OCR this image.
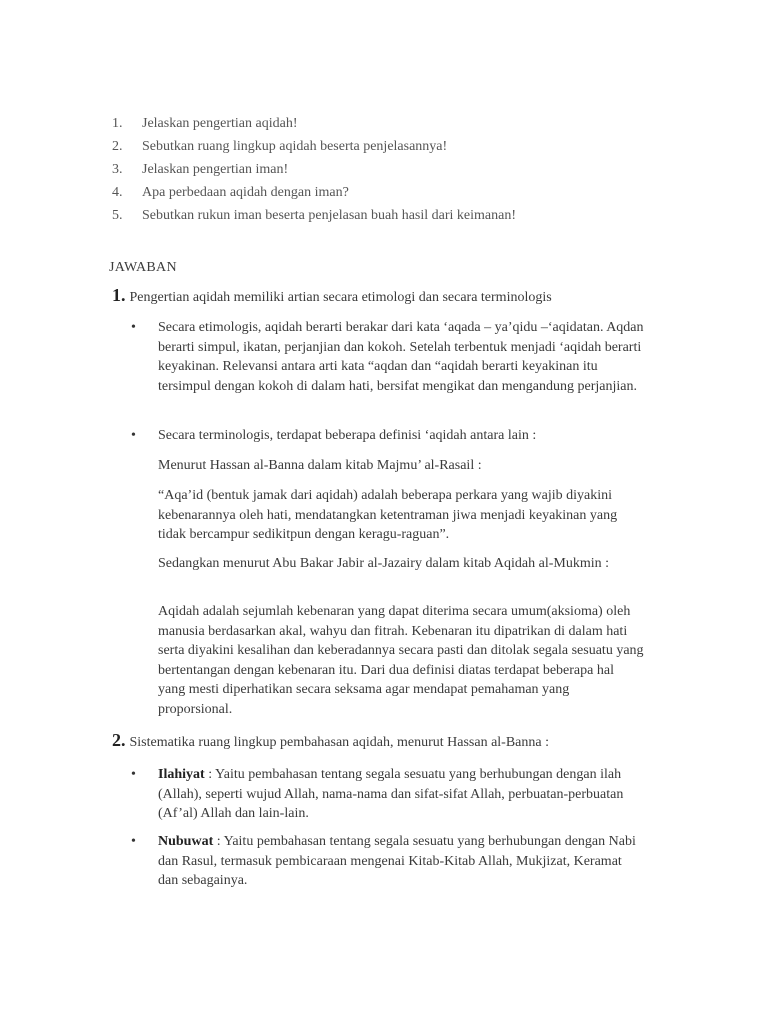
1. Jelaskan pengertian aqidah!
2. Sebutkan ruang lingkup aqidah beserta penjelasannya!
3. Jelaskan pengertian iman!
4. Apa perbedaan aqidah dengan iman?
5. Sebutkan rukun iman beserta penjelasan buah hasil dari keimanan!
JAWABAN
1. Pengertian aqidah memiliki artian secara etimologi dan secara terminologis
• Secara etimologis, aqidah berarti berakar dari kata ‘aqada – ya’qidu –‘aqidatan. Aqdan berarti simpul, ikatan, perjanjian dan kokoh. Setelah terbentuk menjadi ‘aqidah berarti keyakinan. Relevansi antara arti kata “aqdan dan “aqidah berarti keyakinan itu tersimpul dengan kokoh di dalam hati, bersifat mengikat dan mengandung perjanjian.

• Secara terminologis, terdapat beberapa definisi ‘aqidah antara lain :

Menurut Hassan al-Banna dalam kitab Majmu’ al-Rasail :

“Aqa’id (bentuk jamak dari aqidah) adalah beberapa perkara yang wajib diyakini kebenarannya oleh hati, mendatangkan ketentraman jiwa menjadi keyakinan yang tidak bercampur sedikitpun dengan keragu-raguan”.

Sedangkan menurut Abu Bakar Jabir al-Jazairy dalam kitab Aqidah al-Mukmin :

Aqidah adalah sejumlah kebenaran yang dapat diterima secara umum(aksioma) oleh manusia berdasarkan akal, wahyu dan fitrah. Kebenaran itu dipatrikan di dalam hati serta diyakini kesalihan dan keberadannya secara pasti dan ditolak segala sesuatu yang bertentangan dengan kebenaran itu. Dari dua definisi diatas terdapat beberapa hal yang mesti diperhatikan secara seksama agar mendapat pemahaman yang proporsional.

2. Sistematika ruang lingkup pembahasan aqidah, menurut Hassan al-Banna :
• Ilahiyat : Yaitu pembahasan tentang segala sesuatu yang berhubungan dengan ilah (Allah), seperti wujud Allah, nama-nama dan sifat-sifat Allah, perbuatan-perbuatan (Af’al) Allah dan lain-lain.

• Nubuwat : Yaitu pembahasan tentang segala sesuatu yang berhubungan dengan Nabi dan Rasul, termasuk pembicaraan mengenai Kitab-Kitab Allah, Mukjizat, Keramat dan sebagainya.
